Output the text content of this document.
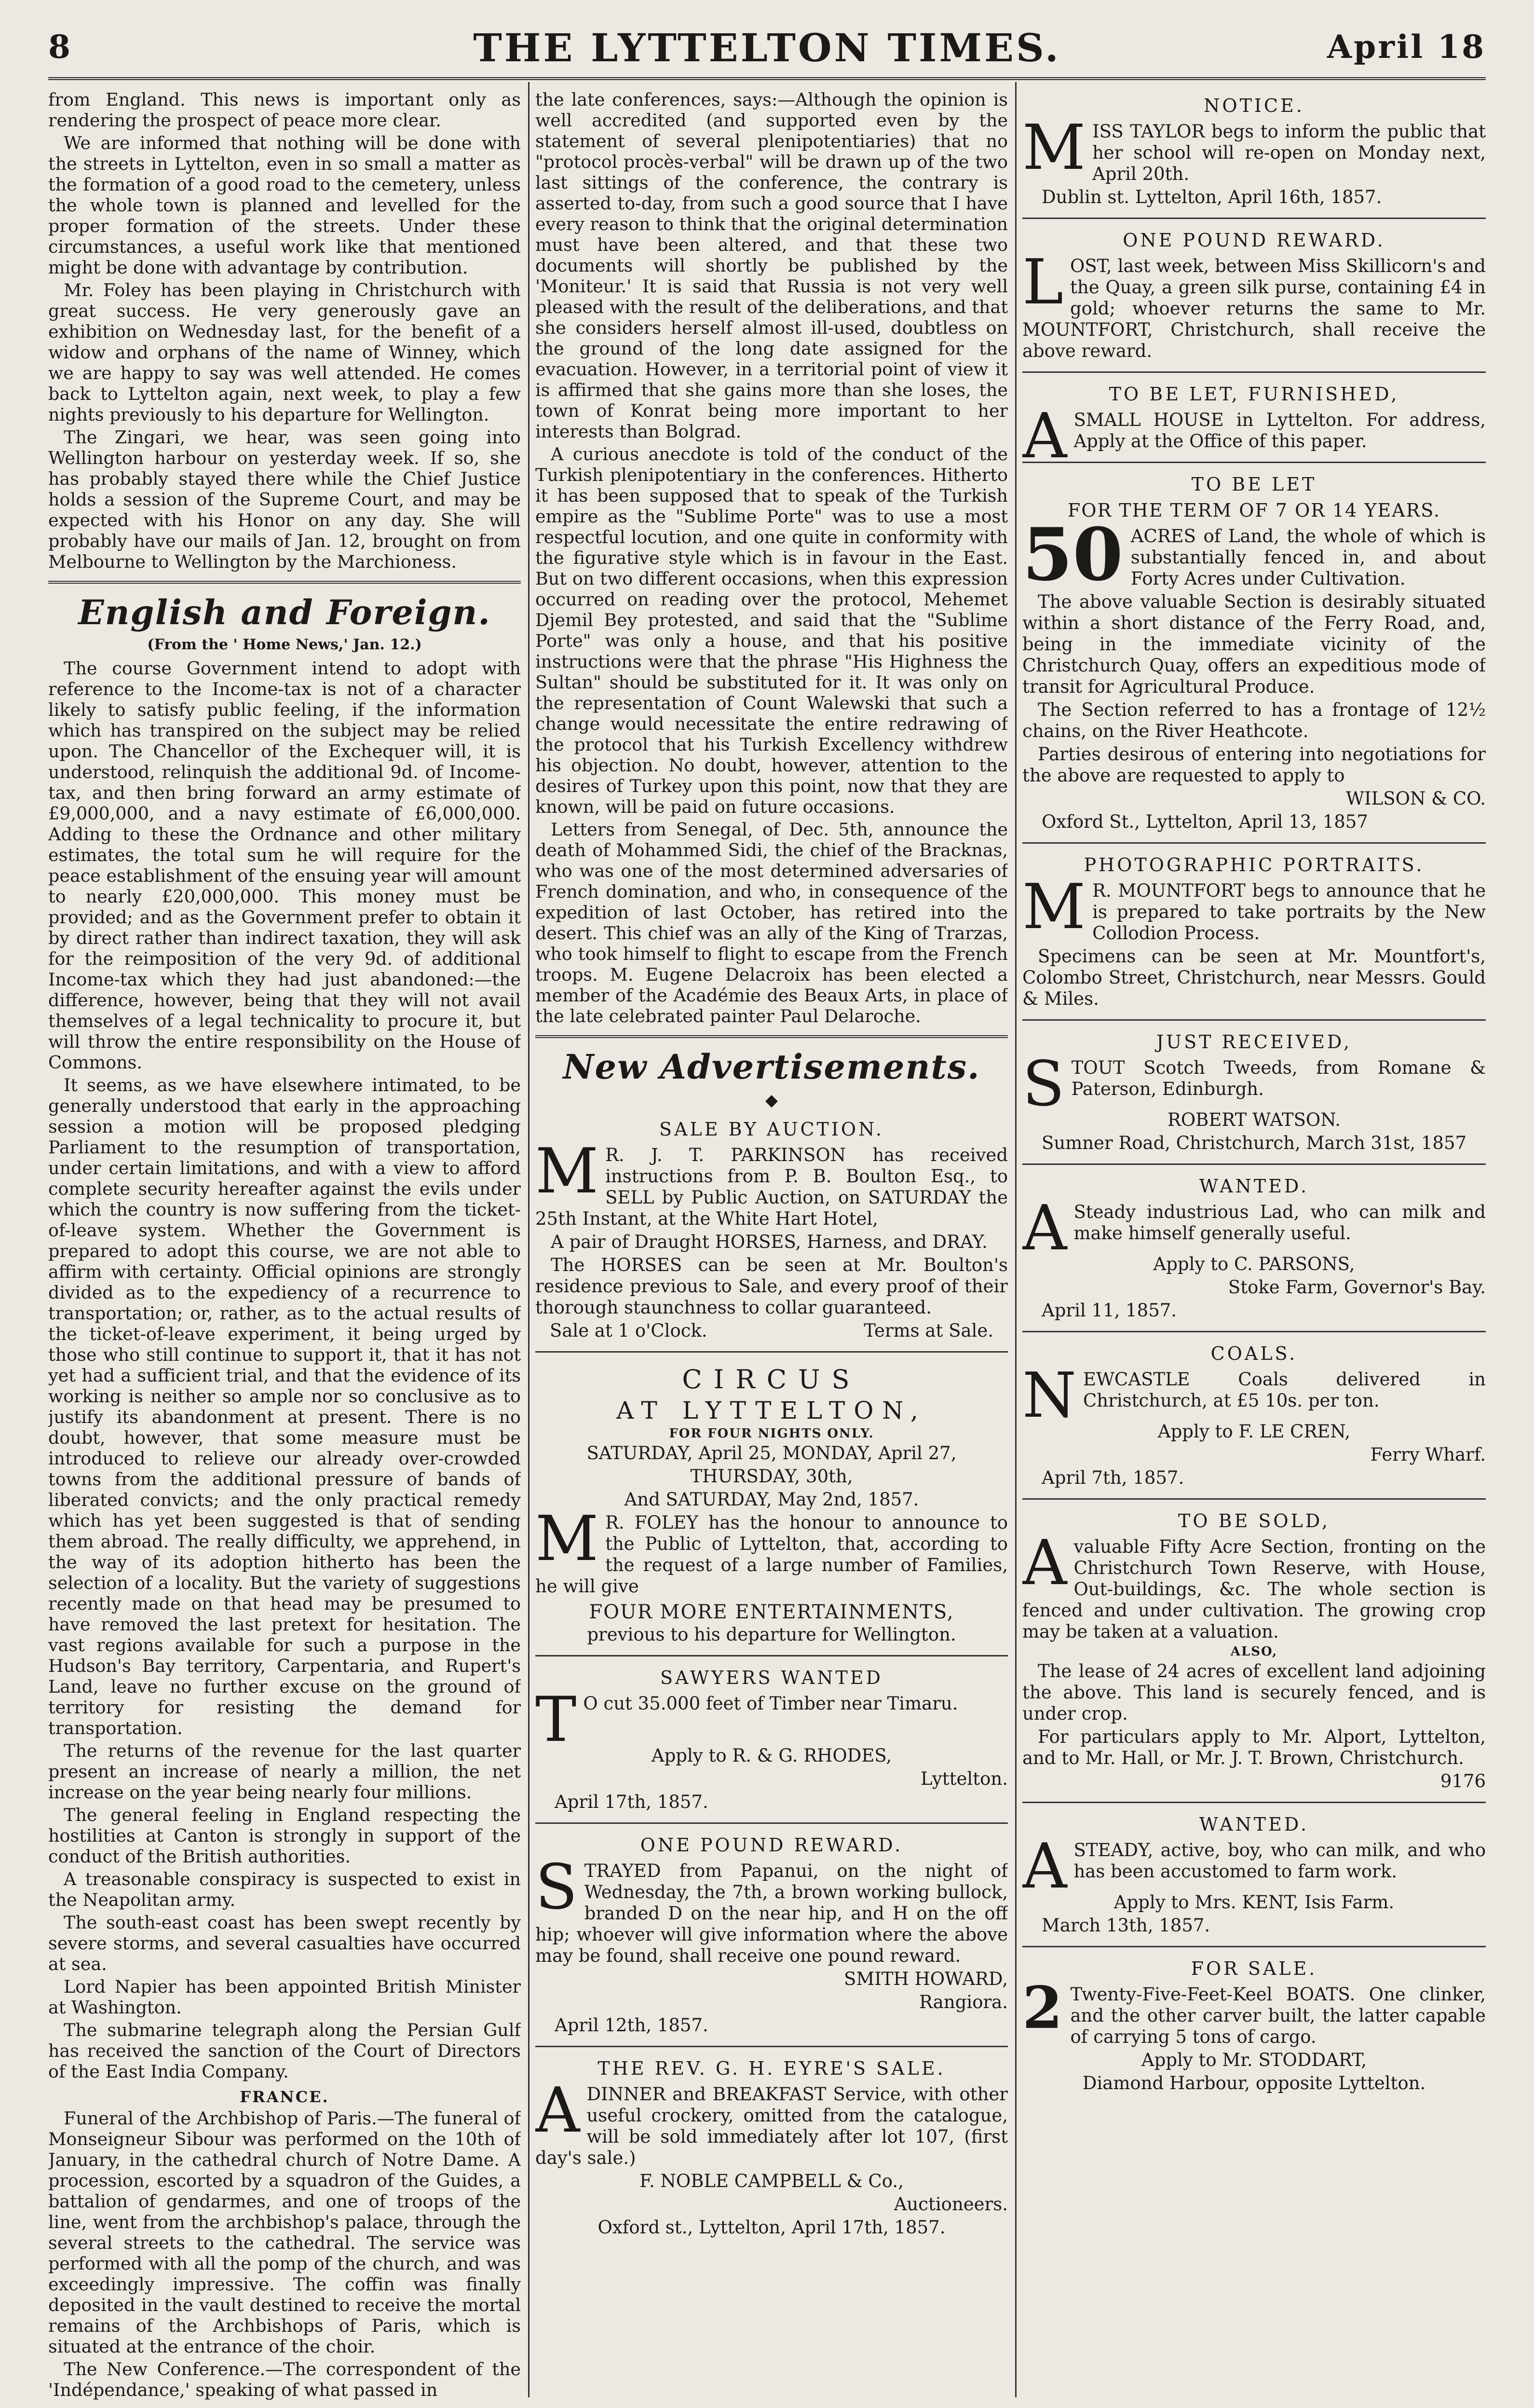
8	THE LYTTELTON TIMES.	April 18

from England. This news is important only as rendering the prospect of peace more clear.

We are informed that nothing will be done with the streets in Lyttelton, even in so small a matter as the formation of a good road to the cemetery, unless the whole town is planned and levelled for the proper formation of the streets. Under these circumstances, a useful work like that mentioned might be done with advantage by contribution.

Mr. Foley has been playing in Christchurch with great success. He very generously gave an exhibition on Wednesday last, for the benefit of a widow and orphans of the name of Winney, which we are happy to say was well attended. He comes back to Lyttelton again, next week, to play a few nights previously to his departure for Wellington.

The Zingari, we hear, was seen going into Wellington harbour on yesterday week. If so, she has probably stayed there while the Chief Justice holds a session of the Supreme Court, and may be expected with his Honor on any day. She will probably have our mails of Jan. 12, brought on from Melbourne to Wellington by the Marchioness.

English and Foreign.
(From the ' Home News,' Jan. 12.)

The course Government intend to adopt with reference to the Income-tax is not of a character likely to satisfy public feeling, if the information which has transpired on the subject may be relied upon. The Chancellor of the Exchequer will, it is understood, relinquish the additional 9d. of Income-tax, and then bring forward an army estimate of £9,000,000, and a navy estimate of £6,000,000. Adding to these the Ordnance and other military estimates, the total sum he will require for the peace establishment of the ensuing year will amount to nearly £20,000,000. This money must be provided; and as the Government prefer to obtain it by direct rather than indirect taxation, they will ask for the reimposition of the very 9d. of additional Income-tax which they had just abandoned:—the difference, however, being that they will not avail themselves of a legal technicality to procure it, but will throw the entire responsibility on the House of Commons.

It seems, as we have elsewhere intimated, to be generally understood that early in the approaching session a motion will be proposed pledging Parliament to the resumption of transportation, under certain limitations, and with a view to afford complete security hereafter against the evils under which the country is now suffering from the ticket-of-leave system. Whether the Government is prepared to adopt this course, we are not able to affirm with certainty. Official opinions are strongly divided as to the expediency of a recurrence to transportation; or, rather, as to the actual results of the ticket-of-leave experiment, it being urged by those who still continue to support it, that it has not yet had a sufficient trial, and that the evidence of its working is neither so ample nor so conclusive as to justify its abandonment at present. There is no doubt, however, that some measure must be introduced to relieve our already over-crowded towns from the additional pressure of bands of liberated convicts; and the only practical remedy which has yet been suggested is that of sending them abroad. The really difficulty, we apprehend, in the way of its adoption hitherto has been the selection of a locality. But the variety of suggestions recently made on that head may be presumed to have removed the last pretext for hesitation. The vast regions available for such a purpose in the Hudson's Bay territory, Carpentaria, and Rupert's Land, leave no further excuse on the ground of territory for resisting the demand for transportation.

The returns of the revenue for the last quarter present an increase of nearly a million, the net increase on the year being nearly four millions.

The general feeling in England respecting the hostilities at Canton is strongly in support of the conduct of the British authorities.

A treasonable conspiracy is suspected to exist in the Neapolitan army.

The south-east coast has been swept recently by severe storms, and several casualties have occurred at sea.

Lord Napier has been appointed British Minister at Washington.

The submarine telegraph along the Persian Gulf has received the sanction of the Court of Directors of the East India Company.

FRANCE.

Funeral of the Archbishop of Paris.—The funeral of Monseigneur Sibour was performed on the 10th of January, in the cathedral church of Notre Dame. A procession, escorted by a squadron of the Guides, a battalion of gendarmes, and one of troops of the line, went from the archbishop's palace, through the several streets to the cathedral. The service was performed with all the pomp of the church, and was exceedingly impressive. The coffin was finally deposited in the vault destined to receive the mortal remains of the Archbishops of Paris, which is situated at the entrance of the choir.

The New Conference.—The correspondent of the 'Indépendance,' speaking of what passed in

the late conferences, says:—Although the opinion is well accredited (and supported even by the statement of several plenipotentiaries) that no "protocol procès-verbal" will be drawn up of the two last sittings of the conference, the contrary is asserted to-day, from such a good source that I have every reason to think that the original determination must have been altered, and that these two documents will shortly be published by the 'Moniteur.' It is said that Russia is not very well pleased with the result of the deliberations, and that she considers herself almost ill-used, doubtless on the ground of the long date assigned for the evacuation. However, in a territorial point of view it is affirmed that she gains more than she loses, the town of Konrat being more important to her interests than Bolgrad.

A curious anecdote is told of the conduct of the Turkish plenipotentiary in the conferences. Hitherto it has been supposed that to speak of the Turkish empire as the "Sublime Porte" was to use a most respectful locution, and one quite in conformity with the figurative style which is in favour in the East. But on two different occasions, when this expression occurred on reading over the protocol, Mehemet Djemil Bey protested, and said that the "Sublime Porte" was only a house, and that his positive instructions were that the phrase "His Highness the Sultan" should be substituted for it. It was only on the representation of Count Walewski that such a change would necessitate the entire redrawing of the protocol that his Turkish Excellency withdrew his objection. No doubt, however, attention to the desires of Turkey upon this point, now that they are known, will be paid on future occasions.

Letters from Senegal, of Dec. 5th, announce the death of Mohammed Sidi, the chief of the Bracknas, who was one of the most determined adversaries of French domination, and who, in consequence of the expedition of last October, has retired into the desert. This chief was an ally of the King of Trarzas, who took himself to flight to escape from the French troops. M. Eugene Delacroix has been elected a member of the Académie des Beaux Arts, in place of the late celebrated painter Paul Delaroche.

New Advertisements.
◆
SALE BY AUCTION.

M R. J. T. PARKINSON has received instructions from P. B. Boulton Esq., to SELL by Public Auction, on SATURDAY the 25th Instant, at the White Hart Hotel,

A pair of Draught HORSES, Harness, and DRAY.

The HORSES can be seen at Mr. Boulton's residence previous to Sale, and every proof of their thorough staunchness to collar guaranteed.

Sale at 1 o'Clock.	Terms at Sale.

CIRCUS
AT LYTTELTON,
FOR FOUR NIGHTS ONLY.

SATURDAY, April 25, MONDAY, April 27,

THURSDAY, 30th,

And SATURDAY, May 2nd, 1857.

M R. FOLEY has the honour to announce to the Public of Lyttelton, that, according to the request of a large number of Families, he will give

FOUR MORE ENTERTAINMENTS,

previous to his departure for Wellington.

SAWYERS WANTED

T O cut 35.000 feet of Timber near Timaru.

Apply to R. & G. RHODES,

Lyttelton.

April 17th, 1857.

ONE POUND REWARD.

STRAYED from Papanui, on the night of Wednesday, the 7th, a brown working bullock, branded D on the near hip, and H on the off hip; whoever will give information where the above may be found, shall receive one pound reward.

SMITH HOWARD,

Rangiora.

April 12th, 1857.

THE REV. G. H. EYRE'S SALE.

ADINNER and BREAKFAST Service, with other useful crockery, omitted from the catalogue, will be sold immediately after lot 107, (first day's sale.)

F. NOBLE CAMPBELL & Co.,

Auctioneers.

Oxford st., Lyttelton, April 17th, 1857.

NOTICE.

MISS TAYLOR begs to inform the public that her school will re-open on Monday next, April 20th.

Dublin st. Lyttelton, April 16th, 1857.

ONE POUND REWARD.

LOST, last week, between Miss Skillicorn's and the Quay, a green silk purse, containing £4 in gold; whoever returns the same to Mr. MOUNTFORT, Christchurch, shall receive the above reward.

TO BE LET, FURNISHED,

ASMALL HOUSE in Lyttelton. For address, Apply at the Office of this paper.

TO BE LET
FOR THE TERM OF 7 OR 14 YEARS.

50 ACRES of Land, the whole of which is substantially fenced in, and about Forty Acres under Cultivation.

The above valuable Section is desirably situated within a short distance of the Ferry Road, and, being in the immediate vicinity of the Christchurch Quay, offers an expeditious mode of transit for Agricultural Produce.

The Section referred to has a frontage of 12½ chains, on the River Heathcote.

Parties desirous of entering into negotiations for the above are requested to apply to

WILSON & CO.

Oxford St., Lyttelton, April 13, 1857

PHOTOGRAPHIC PORTRAITS.

M R. MOUNTFORT begs to announce that he is prepared to take portraits by the New Collodion Process.

Specimens can be seen at Mr. Mountfort's, Colombo Street, Christchurch, near Messrs. Gould & Miles.

JUST RECEIVED,

STOUT Scotch Tweeds, from Romane & Paterson, Edinburgh.

ROBERT WATSON.

Sumner Road, Christchurch, March 31st, 1857

WANTED.

A Steady industrious Lad, who can milk and make himself generally useful.

Apply to C. PARSONS,

Stoke Farm, Governor's Bay.

April 11, 1857.

COALS.

NEWCASTLE Coals delivered in Christchurch, at £5 10s. per ton.

Apply to F. LE CREN,

Ferry Wharf.

April 7th, 1857.

TO BE SOLD,

Avaluable Fifty Acre Section, fronting on the Christchurch Town Reserve, with House, Out-buildings, &c. The whole section is fenced and under cultivation. The growing crop may be taken at a valuation.

ALSO,

The lease of 24 acres of excellent land adjoining the above. This land is securely fenced, and is under crop.

For particulars apply to Mr. Alport, Lyttelton, and to Mr. Hall, or Mr. J. T. Brown, Christchurch.

9176

WANTED.

ASTEADY, active, boy, who can milk, and who has been accustomed to farm work.

Apply to Mrs. KENT, Isis Farm.

March 13th, 1857.

FOR SALE.

2 Twenty-Five-Feet-Keel BOATS. One clinker, and the other carver built, the latter capable of carrying 5 tons of cargo.

Apply to Mr. STODDART,

Diamond Harbour, opposite Lyttelton.
